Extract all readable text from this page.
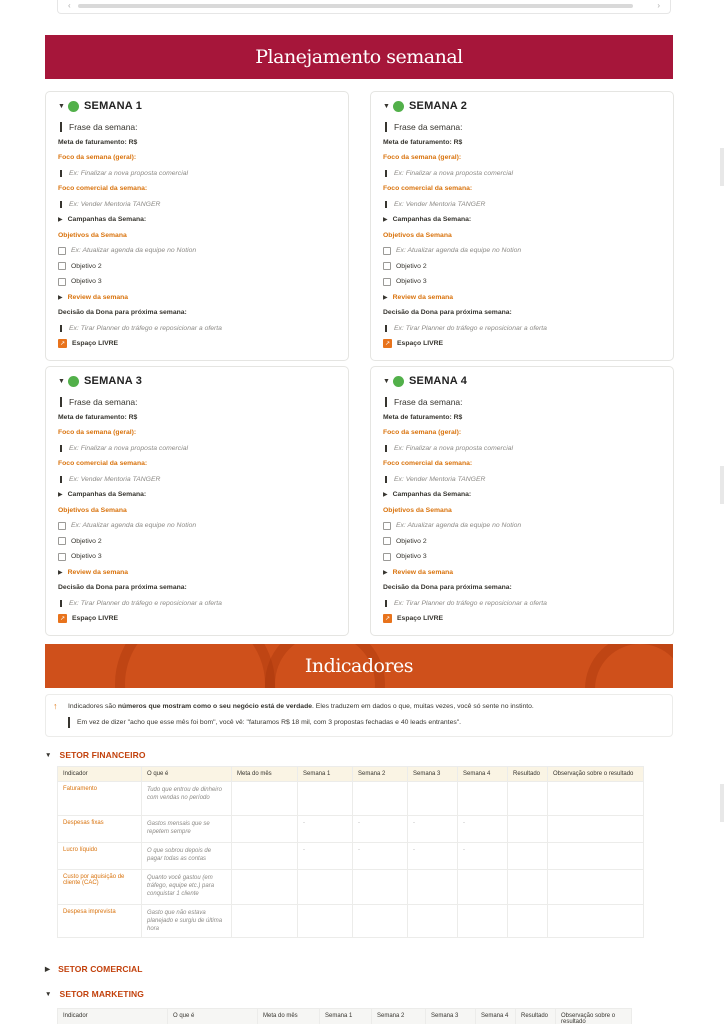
‹	›
Planejamento semanal
▼ SEMANA 1
Frase da semana:
Meta de faturamento: R$
Foco da semana (geral):
Ex: Finalizar a nova proposta comercial
Foco comercial da semana:
Ex: Vender Mentoria TANGER
▶ Campanhas da Semana:
Objetivos da Semana
Ex: Atualizar agenda da equipe no Notion
Objetivo 2
Objetivo 3
▶ Review da semana
Decisão da Dona para próxima semana:
Ex: Tirar Planner do tráfego e reposicionar a oferta
↗ Espaço LIVRE
▼ SEMANA 2
Frase da semana:
Meta de faturamento: R$
Foco da semana (geral):
Ex: Finalizar a nova proposta comercial
Foco comercial da semana:
Ex: Vender Mentoria TANGER
▶ Campanhas da Semana:
Objetivos da Semana
Ex: Atualizar agenda da equipe no Notion
Objetivo 2
Objetivo 3
▶ Review da semana
Decisão da Dona para próxima semana:
Ex: Tirar Planner do tráfego e reposicionar a oferta
↗ Espaço LIVRE
▼ SEMANA 3
Frase da semana:
Meta de faturamento: R$
Foco da semana (geral):
Ex: Finalizar a nova proposta comercial
Foco comercial da semana:
Ex: Vender Mentoria TANGER
▶ Campanhas da Semana:
Objetivos da Semana
Ex: Atualizar agenda da equipe no Notion
Objetivo 2
Objetivo 3
▶ Review da semana
Decisão da Dona para próxima semana:
Ex: Tirar Planner do tráfego e reposicionar a oferta
↗ Espaço LIVRE
▼ SEMANA 4
Frase da semana:
Meta de faturamento: R$
Foco da semana (geral):
Ex: Finalizar a nova proposta comercial
Foco comercial da semana:
Ex: Vender Mentoria TANGER
▶ Campanhas da Semana:
Objetivos da Semana
Ex: Atualizar agenda da equipe no Notion
Objetivo 2
Objetivo 3
▶ Review da semana
Decisão da Dona para próxima semana:
Ex: Tirar Planner do tráfego e reposicionar a oferta
↗ Espaço LIVRE
Indicadores
↑ Indicadores são números que mostram como o seu negócio está de verdade. Eles traduzem em dados o que, muitas vezes, você só sente no instinto.
Em vez de dizer "acho que esse mês foi bom", você vê: "faturamos R$ 18 mil, com 3 propostas fechadas e 40 leads entrantes".
▼ SETOR FINANCEIRO
Indicador	O que é	Meta do mês	Semana 1	Semana 2	Semana 3	Semana 4	Resultado	Observação sobre o resultado
Faturamento	Tudo que entrou de dinheiro com vendas no período							
Despesas fixas	Gastos mensais que se repetem sempre		-	-	-	-		
Lucro líquido	O que sobrou depois de pagar todas as contas		-	-	-	-		
Custo por aquisição de cliente (CAC)	Quanto você gastou (em tráfego, equipe etc.) para conquistar 1 cliente							
Despesa imprevista	Gasto que não estava planejado e surgiu de última hora							
▶ SETOR COMERCIAL
▼ SETOR MARKETING
Indicador	O que é	Meta do mês	Semana 1	Semana 2	Semana 3	Semana 4	Resultado	Observação sobre o resultado
